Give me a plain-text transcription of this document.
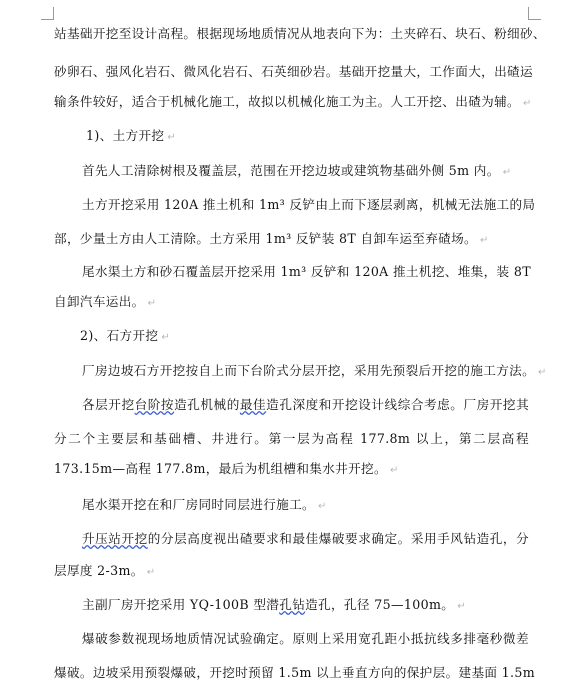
站基础开挖至设计高程。根据现场地质情况从地表向下为：土夹碎石、块石、粉细砂、
砂卵石、强风化岩石、微风化岩石、石英细砂岩。基础开挖量大，工作面大，出碴运
输条件较好，适合于机械化施工，故拟以机械化施工为主。人工开挖、出碴为辅。 ↵
1)、土方开挖 ↵
首先人工清除树根及覆盖层，范围在开挖边坡或建筑物基础外侧 5m 内。 ↵
土方开挖采用 120A 推土机和 1m³ 反铲由上而下逐层剥离，机械无法施工的局
部，少量土方由人工清除。土方采用 1m³ 反铲装 8T 自卸车运至弃碴场。 ↵
尾水渠土方和砂石覆盖层开挖采用 1m³ 反铲和 120A 推土机挖、堆集，装 8T
自卸汽车运出。 ↵
2)、石方开挖 ↵
厂房边坡石方开挖按自上而下台阶式分层开挖，采用先预裂后开挖的施工方法。 ↵
各层开挖台阶按造孔机械的最佳造孔深度和开挖设计线综合考虑。厂房开挖其
分二个主要层和基础槽、井进行。第一层为高程 177.8m 以上，第二层高程
173.15m—高程 177.8m，最后为机组槽和集水井开挖。 ↵
尾水渠开挖在和厂房同时同层进行施工。 ↵
升压站开挖的分层高度视出碴要求和最佳爆破要求确定。采用手风钻造孔，分
层厚度 2-3m。 ↵
主副厂房开挖采用 YQ-100B 型潜孔钻造孔，孔径 75—100m。 ↵
爆破参数视现场地质情况试验确定。原则上采用宽孔距小抵抗线多排毫秒微差
爆破。边坡采用预裂爆破，开挖时预留 1.5m 以上垂直方向的保护层。建基面 1.5m
